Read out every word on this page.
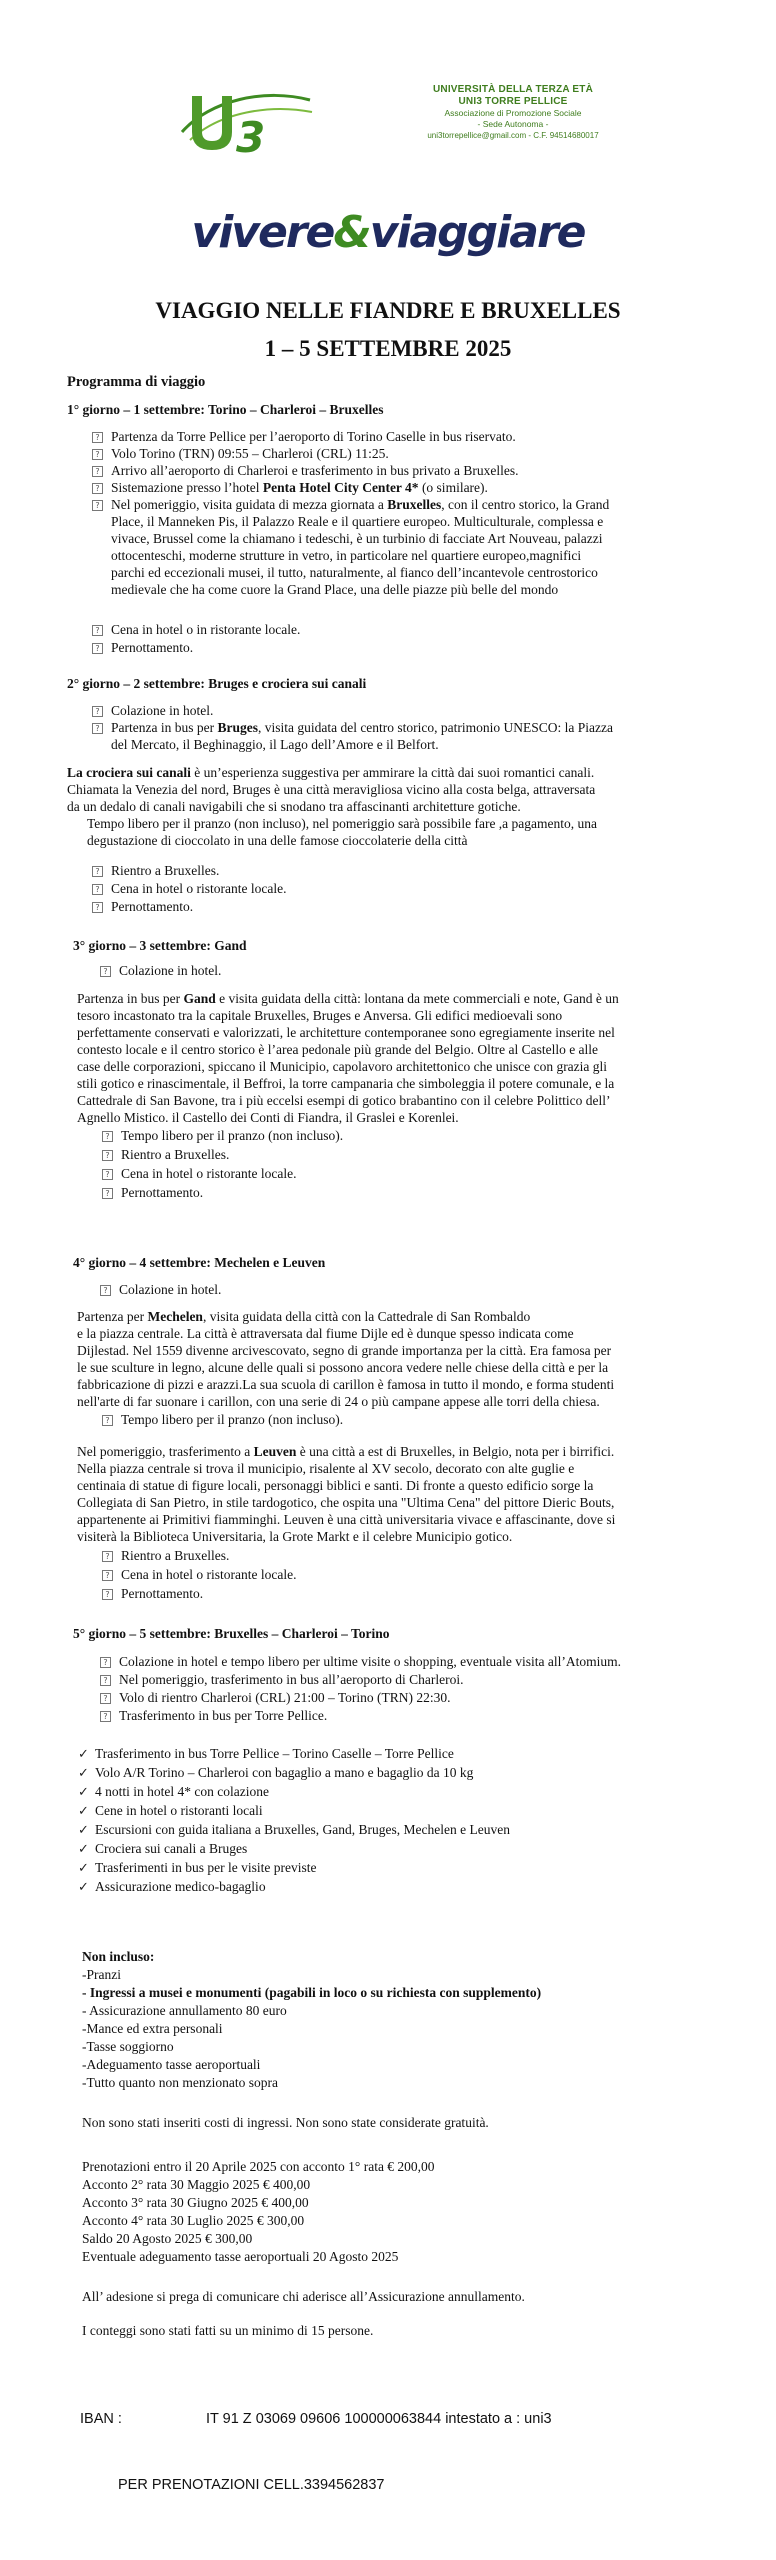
3
UNIVERSITÀ DELLA TERZA ETÀ
UNI3 TORRE PELLICE
Associazione di Promozione Sociale
- Sede Autonoma -
uni3torrepellice@gmail.com - C.F. 94514680017
vivere&viaggiare
VIAGGIO NELLE FIANDRE E BRUXELLES
1 – 5 SETTEMBRE 2025
Programma di viaggio
1° giorno – 1 settembre: Torino – Charleroi – Bruxelles
? Partenza da Torre Pellice per l’aeroporto di Torino Caselle in bus riservato.
? Volo Torino (TRN) 09:55 – Charleroi (CRL) 11:25.
? Arrivo all’aeroporto di Charleroi e trasferimento in bus privato a Bruxelles.
? Sistemazione presso l’hotel Penta Hotel City Center 4* (o similare).
? Nel pomeriggio, visita guidata di mezza giornata a Bruxelles, con il centro storico, la Grand
Place, il Manneken Pis, il Palazzo Reale e il quartiere europeo. Multiculturale, complessa e
vivace, Brussel come la chiamano i tedeschi, è un turbinio di facciate Art Nouveau, palazzi
ottocenteschi, moderne strutture in vetro, in particolare nel quartiere europeo,magnifici
parchi ed eccezionali musei, il tutto, naturalmente, al fianco dell’incantevole centrostorico
medievale che ha come cuore la Grand Place, una delle piazze più belle del mondo
? Cena in hotel o in ristorante locale.
? Pernottamento.
2° giorno – 2 settembre: Bruges e crociera sui canali
? Colazione in hotel.
? Partenza in bus per Bruges, visita guidata del centro storico, patrimonio UNESCO: la Piazza
del Mercato, il Beghinaggio, il Lago dell’Amore e il Belfort.
La crociera sui canali è un’esperienza suggestiva per ammirare la città dai suoi romantici canali.
Chiamata la Venezia del nord, Bruges è una città meravigliosa vicino alla costa belga, attraversata
da un dedalo di canali navigabili che si snodano tra affascinanti architetture gotiche.
Tempo libero per il pranzo (non incluso), nel pomeriggio sarà possibile fare ,a pagamento, una
degustazione di cioccolato in una delle famose cioccolaterie della città
? Rientro a Bruxelles.
? Cena in hotel o ristorante locale.
? Pernottamento.
3° giorno – 3 settembre: Gand
? Colazione in hotel.
Partenza in bus per Gand e visita guidata della città: lontana da mete commerciali e note, Gand è un
tesoro incastonato tra la capitale Bruxelles, Bruges e Anversa. Gli edifici medioevali sono
perfettamente conservati e valorizzati, le architetture contemporanee sono egregiamente inserite nel
contesto locale e il centro storico è l’area pedonale più grande del Belgio. Oltre al Castello e alle
case delle corporazioni, spiccano il Municipio, capolavoro architettonico che unisce con grazia gli
stili gotico e rinascimentale, il Beffroi, la torre campanaria che simboleggia il potere comunale, e la
Cattedrale di San Bavone, tra i più eccelsi esempi di gotico brabantino con il celebre Polittico dell’
Agnello Mistico. il Castello dei Conti di Fiandra, il Graslei e Korenlei.
? Tempo libero per il pranzo (non incluso).
? Rientro a Bruxelles.
? Cena in hotel o ristorante locale.
? Pernottamento.
4° giorno – 4 settembre: Mechelen e Leuven
? Colazione in hotel.
Partenza per Mechelen, visita guidata della città con la Cattedrale di San Rombaldo
e la piazza centrale. La città è attraversata dal fiume Dijle ed è dunque spesso indicata come
Dijlestad. Nel 1559 divenne arcivescovato, segno di grande importanza per la città. Era famosa per
le sue sculture in legno, alcune delle quali si possono ancora vedere nelle chiese della città e per la
fabbricazione di pizzi e arazzi.La sua scuola di carillon è famosa in tutto il mondo, e forma studenti
nell'arte di far suonare i carillon, con una serie di 24 o più campane appese alle torri della chiesa.
? Tempo libero per il pranzo (non incluso).
Nel pomeriggio, trasferimento a Leuven è una città a est di Bruxelles, in Belgio, nota per i birrifici.
Nella piazza centrale si trova il municipio, risalente al XV secolo, decorato con alte guglie e
centinaia di statue di figure locali, personaggi biblici e santi. Di fronte a questo edificio sorge la
Collegiata di San Pietro, in stile tardogotico, che ospita una "Ultima Cena" del pittore Dieric Bouts,
appartenente ai Primitivi fiamminghi. Leuven è una città universitaria vivace e affascinante, dove si
visiterà la Biblioteca Universitaria, la Grote Markt e il celebre Municipio gotico.
? Rientro a Bruxelles.
? Cena in hotel o ristorante locale.
? Pernottamento.
5° giorno – 5 settembre: Bruxelles – Charleroi – Torino
? Colazione in hotel e tempo libero per ultime visite o shopping, eventuale visita all’Atomium.
? Nel pomeriggio, trasferimento in bus all’aeroporto di Charleroi.
? Volo di rientro Charleroi (CRL) 21:00 – Torino (TRN) 22:30.
? Trasferimento in bus per Torre Pellice.
✓ Trasferimento in bus Torre Pellice – Torino Caselle – Torre Pellice
✓ Volo A/R Torino – Charleroi con bagaglio a mano e bagaglio da 10 kg
✓ 4 notti in hotel 4* con colazione
✓ Cene in hotel o ristoranti locali
✓ Escursioni con guida italiana a Bruxelles, Gand, Bruges, Mechelen e Leuven
✓ Crociera sui canali a Bruges
✓ Trasferimenti in bus per le visite previste
✓ Assicurazione medico-bagaglio
Non incluso:
-Pranzi
- Ingressi a musei e monumenti (pagabili in loco o su richiesta con supplemento)
- Assicurazione annullamento 80 euro
-Mance ed extra personali
-Tasse soggiorno
-Adeguamento tasse aeroportuali
-Tutto quanto non menzionato sopra
Non sono stati inseriti costi di ingressi. Non sono state considerate gratuità.
Prenotazioni entro il 20 Aprile 2025 con acconto 1° rata € 200,00
Acconto 2° rata 30 Maggio 2025 € 400,00
Acconto 3° rata 30 Giugno 2025 € 400,00
Acconto 4° rata 30 Luglio 2025 € 300,00
Saldo 20 Agosto 2025 € 300,00
Eventuale adeguamento tasse aeroportuali 20 Agosto 2025
All’ adesione si prega di comunicare chi aderisce all’Assicurazione annullamento.
I conteggi sono stati fatti su un minimo di 15 persone.
IBAN :	IT 91 Z 03069 09606 100000063844 intestato a : uni3
PER PRENOTAZIONI CELL.3394562837
